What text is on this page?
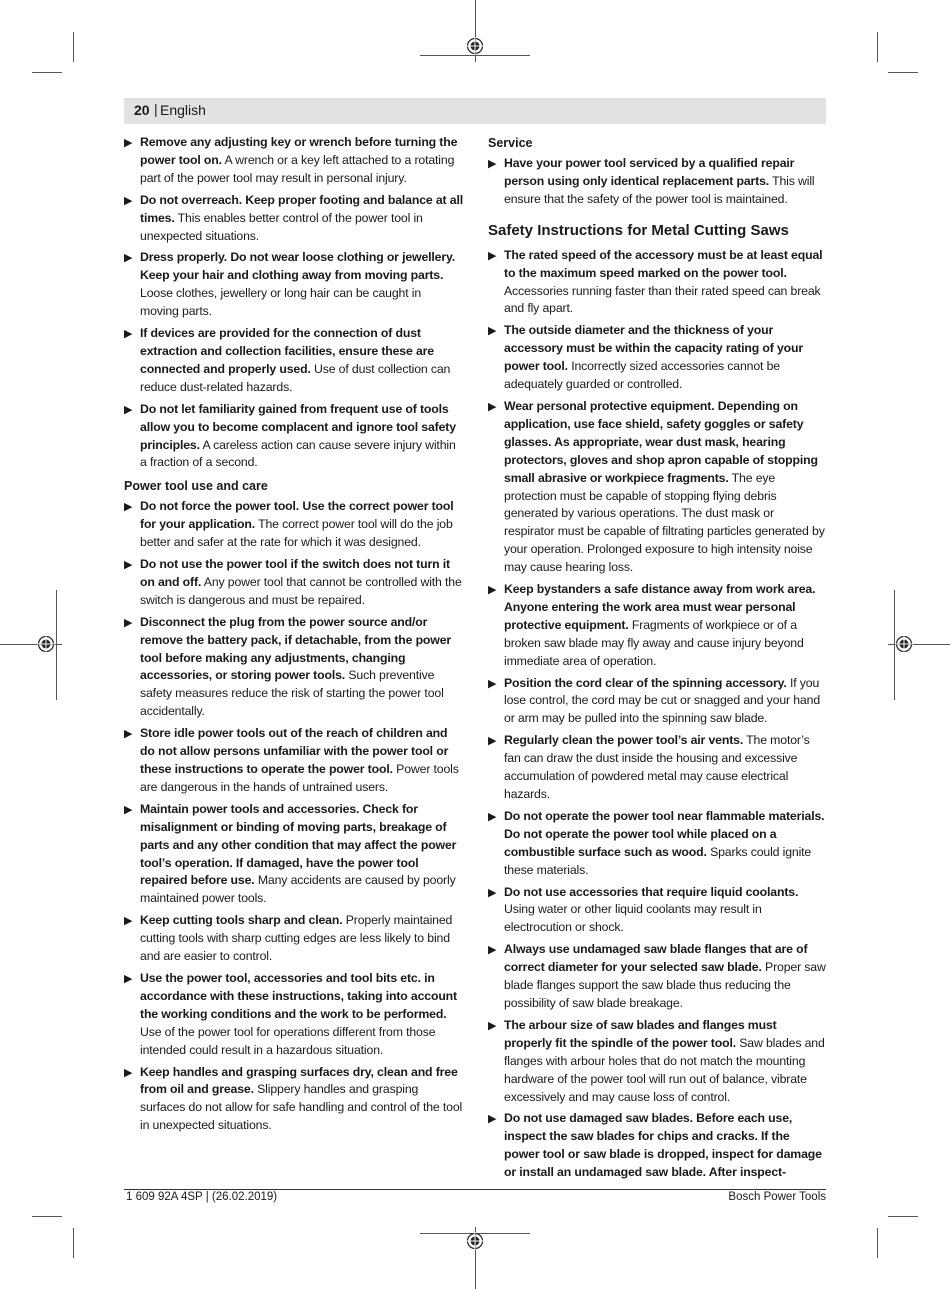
20 | English
▶ Remove any adjusting key or wrench before turning the power tool on. A wrench or a key left attached to a rotating part of the power tool may result in personal injury.
▶ Do not overreach. Keep proper footing and balance at all times. This enables better control of the power tool in unexpected situations.
▶ Dress properly. Do not wear loose clothing or jewellery. Keep your hair and clothing away from moving parts. Loose clothes, jewellery or long hair can be caught in moving parts.
▶ If devices are provided for the connection of dust extraction and collection facilities, ensure these are connected and properly used. Use of dust collection can reduce dust-related hazards.
▶ Do not let familiarity gained from frequent use of tools allow you to become complacent and ignore tool safety principles. A careless action can cause severe injury within a fraction of a second.
Power tool use and care
▶ Do not force the power tool. Use the correct power tool for your application. The correct power tool will do the job better and safer at the rate for which it was designed.
▶ Do not use the power tool if the switch does not turn it on and off. Any power tool that cannot be controlled with the switch is dangerous and must be repaired.
▶ Disconnect the plug from the power source and/or remove the battery pack, if detachable, from the power tool before making any adjustments, changing accessories, or storing power tools. Such preventive safety measures reduce the risk of starting the power tool accidentally.
▶ Store idle power tools out of the reach of children and do not allow persons unfamiliar with the power tool or these instructions to operate the power tool. Power tools are dangerous in the hands of untrained users.
▶ Maintain power tools and accessories. Check for misalignment or binding of moving parts, breakage of parts and any other condition that may affect the power tool’s operation. If damaged, have the power tool repaired before use. Many accidents are caused by poorly maintained power tools.
▶ Keep cutting tools sharp and clean. Properly maintained cutting tools with sharp cutting edges are less likely to bind and are easier to control.
▶ Use the power tool, accessories and tool bits etc. in accordance with these instructions, taking into account the working conditions and the work to be performed. Use of the power tool for operations different from those intended could result in a hazardous situation.
▶ Keep handles and grasping surfaces dry, clean and free from oil and grease. Slippery handles and grasping surfaces do not allow for safe handling and control of the tool in unexpected situations.
Service
▶ Have your power tool serviced by a qualified repair person using only identical replacement parts. This will ensure that the safety of the power tool is maintained.
Safety Instructions for Metal Cutting Saws
▶ The rated speed of the accessory must be at least equal to the maximum speed marked on the power tool. Accessories running faster than their rated speed can break and fly apart.
▶ The outside diameter and the thickness of your accessory must be within the capacity rating of your power tool. Incorrectly sized accessories cannot be adequately guarded or controlled.
▶ Wear personal protective equipment. Depending on application, use face shield, safety goggles or safety glasses. As appropriate, wear dust mask, hearing protectors, gloves and shop apron capable of stopping small abrasive or workpiece fragments. The eye protection must be capable of stopping flying debris generated by various operations. The dust mask or respirator must be capable of filtrating particles generated by your operation. Prolonged exposure to high intensity noise may cause hearing loss.
▶ Keep bystanders a safe distance away from work area. Anyone entering the work area must wear personal protective equipment. Fragments of workpiece or of a broken saw blade may fly away and cause injury beyond immediate area of operation.
▶ Position the cord clear of the spinning accessory. If you lose control, the cord may be cut or snagged and your hand or arm may be pulled into the spinning saw blade.
▶ Regularly clean the power tool’s air vents. The motor’s fan can draw the dust inside the housing and excessive accumulation of powdered metal may cause electrical hazards.
▶ Do not operate the power tool near flammable materials. Do not operate the power tool while placed on a combustible surface such as wood. Sparks could ignite these materials.
▶ Do not use accessories that require liquid coolants. Using water or other liquid coolants may result in electrocution or shock.
▶ Always use undamaged saw blade flanges that are of correct diameter for your selected saw blade. Proper saw blade flanges support the saw blade thus reducing the possibility of saw blade breakage.
▶ The arbour size of saw blades and flanges must properly fit the spindle of the power tool. Saw blades and flanges with arbour holes that do not match the mounting hardware of the power tool will run out of balance, vibrate excessively and may cause loss of control.
▶ Do not use damaged saw blades. Before each use, inspect the saw blades for chips and cracks. If the power tool or saw blade is dropped, inspect for damage or install an undamaged saw blade. After inspect-
1 609 92A 4SP | (26.02.2019)	Bosch Power Tools
